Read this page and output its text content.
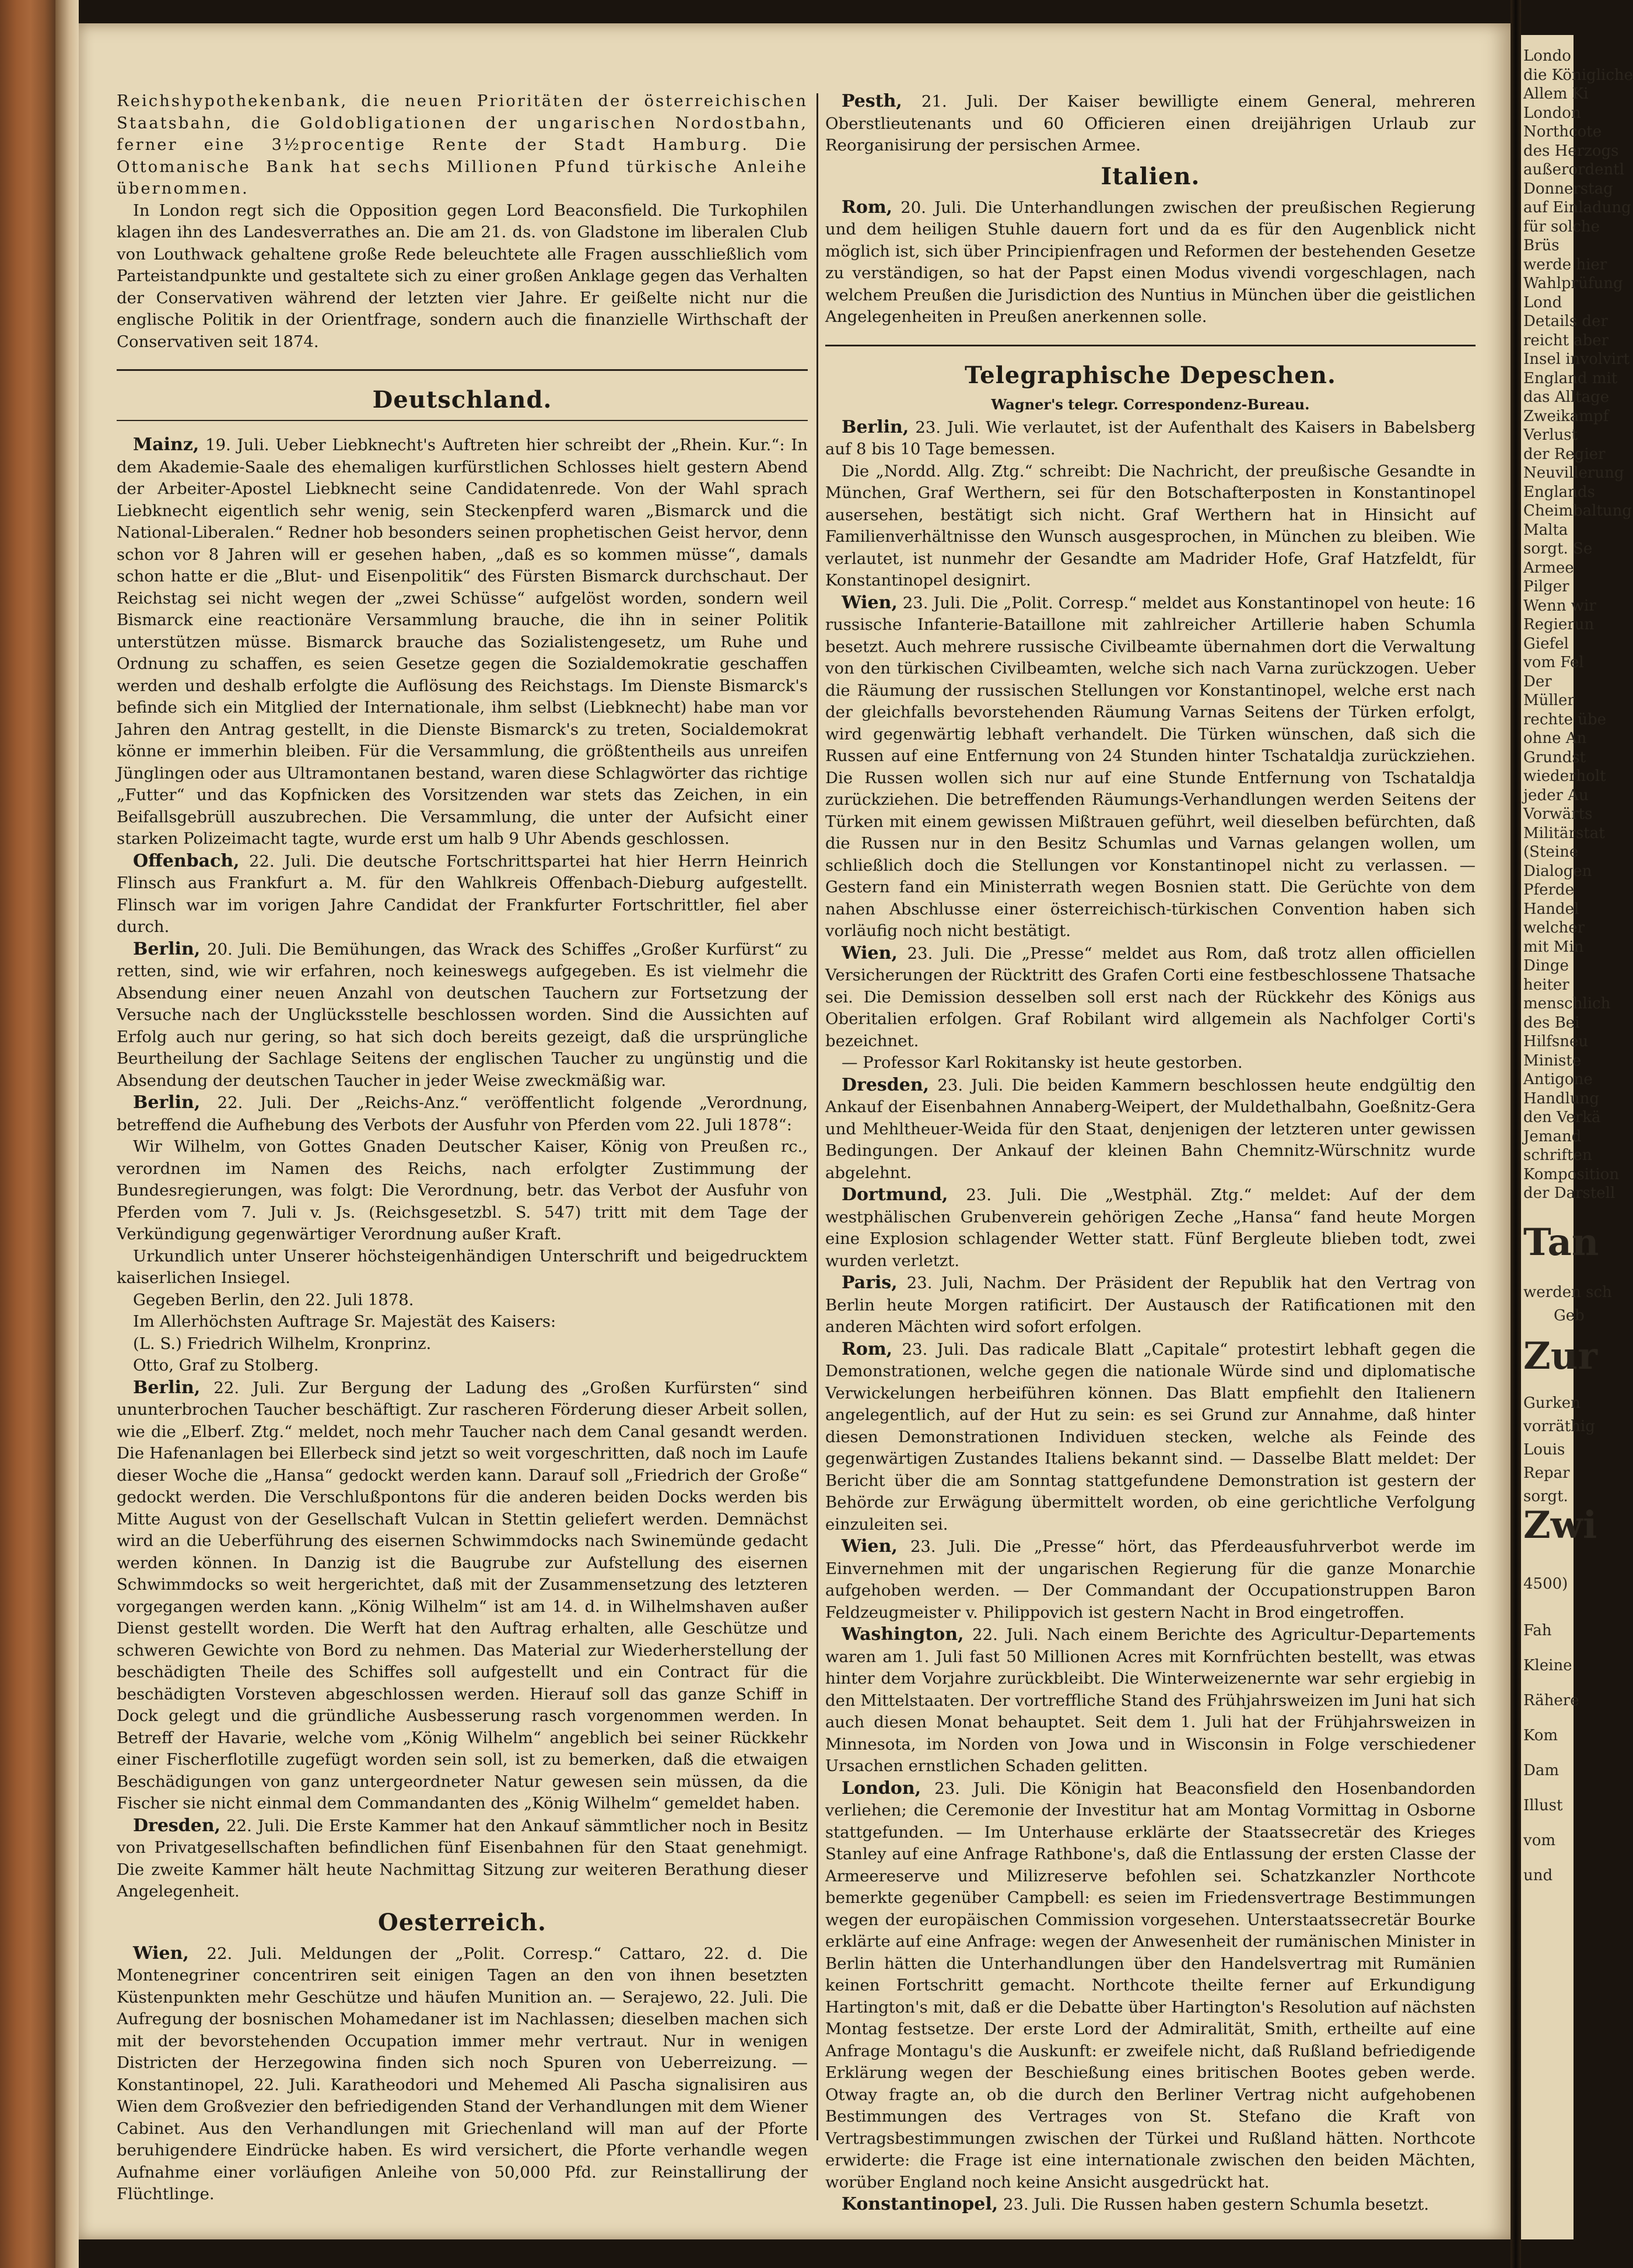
Reichshypothekenbank, die neuen Prioritäten der österreichischen Staatsbahn, die Goldobligationen der ungarischen Nordostbahn, ferner eine 3½procentige Rente der Stadt Hamburg. Die Ottomanische Bank hat sechs Millionen Pfund türkische Anleihe übernommen.

In London regt sich die Opposition gegen Lord Beaconsfield. Die Turkophilen klagen ihn des Landesverrathes an. Die am 21. ds. von Gladstone im liberalen Club von Louthwack gehaltene große Rede beleuchtete alle Fragen ausschließlich vom Parteistandpunkte und gestaltete sich zu einer großen Anklage gegen das Verhalten der Conservativen während der letzten vier Jahre. Er geißelte nicht nur die englische Politik in der Orientfrage, sondern auch die finanzielle Wirthschaft der Conservativen seit 1874.

Deutschland.

Mainz, 19. Juli. Ueber Liebknecht's Auftreten hier schreibt der „Rhein. Kur.“: In dem Akademie-Saale des ehemaligen kurfürstlichen Schlosses hielt gestern Abend der Arbeiter-Apostel Liebknecht seine Candidatenrede. Von der Wahl sprach Liebknecht eigentlich sehr wenig, sein Steckenpferd waren „Bismarck und die National-Liberalen.“ Redner hob besonders seinen prophetischen Geist hervor, denn schon vor 8 Jahren will er gesehen haben, „daß es so kommen müsse“, damals schon hatte er die „Blut- und Eisenpolitik“ des Fürsten Bismarck durchschaut. Der Reichstag sei nicht wegen der „zwei Schüsse“ aufgelöst worden, sondern weil Bismarck eine reactionäre Versammlung brauche, die ihn in seiner Politik unterstützen müsse. Bismarck brauche das Sozialistengesetz, um Ruhe und Ordnung zu schaffen, es seien Gesetze gegen die Sozialdemokratie geschaffen werden und deshalb erfolgte die Auflösung des Reichstags. Im Dienste Bismarck's befinde sich ein Mitglied der Internationale, ihm selbst (Liebknecht) habe man vor Jahren den Antrag gestellt, in die Dienste Bismarck's zu treten, Socialdemokrat könne er immerhin bleiben. Für die Versammlung, die größtentheils aus unreifen Jünglingen oder aus Ultramontanen bestand, waren diese Schlagwörter das richtige „Futter“ und das Kopfnicken des Vorsitzenden war stets das Zeichen, in ein Beifallsgebrüll auszubrechen. Die Versammlung, die unter der Aufsicht einer starken Polizeimacht tagte, wurde erst um halb 9 Uhr Abends geschlossen.

Offenbach, 22. Juli. Die deutsche Fortschrittspartei hat hier Herrn Heinrich Flinsch aus Frankfurt a. M. für den Wahlkreis Offenbach-Dieburg aufgestellt. Flinsch war im vorigen Jahre Candidat der Frankfurter Fortschrittler, fiel aber durch.

Berlin, 20. Juli. Die Bemühungen, das Wrack des Schiffes „Großer Kurfürst“ zu retten, sind, wie wir erfahren, noch keineswegs aufgegeben. Es ist vielmehr die Absendung einer neuen Anzahl von deutschen Tauchern zur Fortsetzung der Versuche nach der Unglücksstelle beschlossen worden. Sind die Aussichten auf Erfolg auch nur gering, so hat sich doch bereits gezeigt, daß die ursprüngliche Beurtheilung der Sachlage Seitens der englischen Taucher zu ungünstig und die Absendung der deutschen Taucher in jeder Weise zweckmäßig war.

Berlin, 22. Juli. Der „Reichs-Anz.“ veröffentlicht folgende „Verordnung, betreffend die Aufhebung des Verbots der Ausfuhr von Pferden vom 22. Juli 1878“:

Wir Wilhelm, von Gottes Gnaden Deutscher Kaiser, König von Preußen rc., verordnen im Namen des Reichs, nach erfolgter Zustimmung der Bundesregierungen, was folgt: Die Verordnung, betr. das Verbot der Ausfuhr von Pferden vom 7. Juli v. Js. (Reichsgesetzbl. S. 547) tritt mit dem Tage der Verkündigung gegenwärtiger Verordnung außer Kraft.

Urkundlich unter Unserer höchsteigenhändigen Unterschrift und beigedrucktem kaiserlichen Insiegel.

Gegeben Berlin, den 22. Juli 1878.

Im Allerhöchsten Auftrage Sr. Majestät des Kaisers:

(L. S.) Friedrich Wilhelm, Kronprinz.

Otto, Graf zu Stolberg.

Berlin, 22. Juli. Zur Bergung der Ladung des „Großen Kurfürsten“ sind ununterbrochen Taucher beschäftigt. Zur rascheren Förderung dieser Arbeit sollen, wie die „Elberf. Ztg.“ meldet, noch mehr Taucher nach dem Canal gesandt werden. Die Hafenanlagen bei Ellerbeck sind jetzt so weit vorgeschritten, daß noch im Laufe dieser Woche die „Hansa“ gedockt werden kann. Darauf soll „Friedrich der Große“ gedockt werden. Die Verschlußpontons für die anderen beiden Docks werden bis Mitte August von der Gesellschaft Vulcan in Stettin geliefert werden. Demnächst wird an die Ueberführung des eisernen Schwimmdocks nach Swinemünde gedacht werden können. In Danzig ist die Baugrube zur Aufstellung des eisernen Schwimmdocks so weit hergerichtet, daß mit der Zusammensetzung des letzteren vorgegangen werden kann. „König Wilhelm“ ist am 14. d. in Wilhelmshaven außer Dienst gestellt worden. Die Werft hat den Auftrag erhalten, alle Geschütze und schweren Gewichte von Bord zu nehmen. Das Material zur Wiederherstellung der beschädigten Theile des Schiffes soll aufgestellt und ein Contract für die beschädigten Vorsteven abgeschlossen werden. Hierauf soll das ganze Schiff in Dock gelegt und die gründliche Ausbesserung rasch vorgenommen werden. In Betreff der Havarie, welche vom „König Wilhelm“ angeblich bei seiner Rückkehr einer Fischerflotille zugefügt worden sein soll, ist zu bemerken, daß die etwaigen Beschädigungen von ganz untergeordneter Natur gewesen sein müssen, da die Fischer sie nicht einmal dem Commandanten des „König Wilhelm“ gemeldet haben.

Dresden, 22. Juli. Die Erste Kammer hat den Ankauf sämmtlicher noch in Besitz von Privatgesellschaften befindlichen fünf Eisenbahnen für den Staat genehmigt. Die zweite Kammer hält heute Nachmittag Sitzung zur weiteren Berathung dieser Angelegenheit.

Oesterreich.

Wien, 22. Juli. Meldungen der „Polit. Corresp.“ Cattaro, 22. d. Die Montenegriner concentriren seit einigen Tagen an den von ihnen besetzten Küstenpunkten mehr Geschütze und häufen Munition an. — Serajewo, 22. Juli. Die Aufregung der bosnischen Mohamedaner ist im Nachlassen; dieselben machen sich mit der bevorstehenden Occupation immer mehr vertraut. Nur in wenigen Districten der Herzegowina finden sich noch Spuren von Ueberreizung. — Konstantinopel, 22. Juli. Karatheodori und Mehemed Ali Pascha signalisiren aus Wien dem Großvezier den befriedigenden Stand der Verhandlungen mit dem Wiener Cabinet. Aus den Verhandlungen mit Griechenland will man auf der Pforte beruhigendere Eindrücke haben. Es wird versichert, die Pforte verhandle wegen Aufnahme einer vorläufigen Anleihe von 50,000 Pfd. zur Reinstallirung der Flüchtlinge.

Pesth, 21. Juli. Der Kaiser bewilligte einem General, mehreren Oberstlieutenants und 60 Officieren einen dreijährigen Urlaub zur Reorganisirung der persischen Armee.

Italien.

Rom, 20. Juli. Die Unterhandlungen zwischen der preußischen Regierung und dem heiligen Stuhle dauern fort und da es für den Augenblick nicht möglich ist, sich über Principienfragen und Reformen der bestehenden Gesetze zu verständigen, so hat der Papst einen Modus vivendi vorgeschlagen, nach welchem Preußen die Jurisdiction des Nuntius in München über die geistlichen Angelegenheiten in Preußen anerkennen solle.

Telegraphische Depeschen.
Wagner's telegr. Correspondenz-Bureau.

Berlin, 23. Juli. Wie verlautet, ist der Aufenthalt des Kaisers in Babelsberg auf 8 bis 10 Tage bemessen.

Die „Nordd. Allg. Ztg.“ schreibt: Die Nachricht, der preußische Gesandte in München, Graf Werthern, sei für den Botschafterposten in Konstantinopel ausersehen, bestätigt sich nicht. Graf Werthern hat in Hinsicht auf Familienverhältnisse den Wunsch ausgesprochen, in München zu bleiben. Wie verlautet, ist nunmehr der Gesandte am Madrider Hofe, Graf Hatzfeldt, für Konstantinopel designirt.

Wien, 23. Juli. Die „Polit. Corresp.“ meldet aus Konstantinopel von heute: 16 russische Infanterie-Bataillone mit zahlreicher Artillerie haben Schumla besetzt. Auch mehrere russische Civilbeamte übernahmen dort die Verwaltung von den türkischen Civilbeamten, welche sich nach Varna zurückzogen. Ueber die Räumung der russischen Stellungen vor Konstantinopel, welche erst nach der gleichfalls bevorstehenden Räumung Varnas Seitens der Türken erfolgt, wird gegenwärtig lebhaft verhandelt. Die Türken wünschen, daß sich die Russen auf eine Entfernung von 24 Stunden hinter Tschataldja zurückziehen. Die Russen wollen sich nur auf eine Stunde Entfernung von Tschataldja zurückziehen. Die betreffenden Räumungs-Verhandlungen werden Seitens der Türken mit einem gewissen Mißtrauen geführt, weil dieselben befürchten, daß die Russen nur in den Besitz Schumlas und Varnas gelangen wollen, um schließlich doch die Stellungen vor Konstantinopel nicht zu verlassen. — Gestern fand ein Ministerrath wegen Bosnien statt. Die Gerüchte von dem nahen Abschlusse einer österreichisch-türkischen Convention haben sich vorläufig noch nicht bestätigt.

Wien, 23. Juli. Die „Presse“ meldet aus Rom, daß trotz allen officiellen Versicherungen der Rücktritt des Grafen Corti eine festbeschlossene Thatsache sei. Die Demission desselben soll erst nach der Rückkehr des Königs aus Oberitalien erfolgen. Graf Robilant wird allgemein als Nachfolger Corti's bezeichnet.

— Professor Karl Rokitansky ist heute gestorben.

Dresden, 23. Juli. Die beiden Kammern beschlossen heute endgültig den Ankauf der Eisenbahnen Annaberg-Weipert, der Muldethalbahn, Goeßnitz-Gera und Mehltheuer-Weida für den Staat, denjenigen der letzteren unter gewissen Bedingungen. Der Ankauf der kleinen Bahn Chemnitz-Würschnitz wurde abgelehnt.

Dortmund, 23. Juli. Die „Westphäl. Ztg.“ meldet: Auf der dem westphälischen Grubenverein gehörigen Zeche „Hansa“ fand heute Morgen eine Explosion schlagender Wetter statt. Fünf Bergleute blieben todt, zwei wurden verletzt.

Paris, 23. Juli, Nachm. Der Präsident der Republik hat den Vertrag von Berlin heute Morgen ratificirt. Der Austausch der Ratificationen mit den anderen Mächten wird sofort erfolgen.

Rom, 23. Juli. Das radicale Blatt „Capitale“ protestirt lebhaft gegen die Demonstrationen, welche gegen die nationale Würde sind und diplomatische Verwickelungen herbeiführen können. Das Blatt empfiehlt den Italienern angelegentlich, auf der Hut zu sein: es sei Grund zur Annahme, daß hinter diesen Demonstrationen Individuen stecken, welche als Feinde des gegenwärtigen Zustandes Italiens bekannt sind. — Dasselbe Blatt meldet: Der Bericht über die am Sonntag stattgefundene Demonstration ist gestern der Behörde zur Erwägung übermittelt worden, ob eine gerichtliche Verfolgung einzuleiten sei.

Wien, 23. Juli. Die „Presse“ hört, das Pferdeausfuhrverbot werde im Einvernehmen mit der ungarischen Regierung für die ganze Monarchie aufgehoben werden. — Der Commandant der Occupationstruppen Baron Feldzeugmeister v. Philippovich ist gestern Nacht in Brod eingetroffen.

Washington, 22. Juli. Nach einem Berichte des Agricultur-Departements waren am 1. Juli fast 50 Millionen Acres mit Kornfrüchten bestellt, was etwas hinter dem Vorjahre zurückbleibt. Die Winterweizenernte war sehr ergiebig in den Mittelstaaten. Der vortreffliche Stand des Frühjahrsweizen im Juni hat sich auch diesen Monat behauptet. Seit dem 1. Juli hat der Frühjahrsweizen in Minnesota, im Norden von Jowa und in Wisconsin in Folge verschiedener Ursachen ernstlichen Schaden gelitten.

London, 23. Juli. Die Königin hat Beaconsfield den Hosenbandorden verliehen; die Ceremonie der Investitur hat am Montag Vormittag in Osborne stattgefunden. — Im Unterhause erklärte der Staatssecretär des Krieges Stanley auf eine Anfrage Rathbone's, daß die Entlassung der ersten Classe der Armeereserve und Milizreserve befohlen sei. Schatzkanzler Northcote bemerkte gegenüber Campbell: es seien im Friedensvertrage Bestimmungen wegen der europäischen Commission vorgesehen. Unterstaatssecretär Bourke erklärte auf eine Anfrage: wegen der Anwesenheit der rumänischen Minister in Berlin hätten die Unterhandlungen über den Handelsvertrag mit Rumänien keinen Fortschritt gemacht. Northcote theilte ferner auf Erkundigung Hartington's mit, daß er die Debatte über Hartington's Resolution auf nächsten Montag festsetze. Der erste Lord der Admiralität, Smith, ertheilte auf eine Anfrage Montagu's die Auskunft: er zweifele nicht, daß Rußland befriedigende Erklärung wegen der Beschießung eines britischen Bootes geben werde. Otway fragte an, ob die durch den Berliner Vertrag nicht aufgehobenen Bestimmungen des Vertrages von St. Stefano die Kraft von Vertragsbestimmungen zwischen der Türkei und Rußland hätten. Northcote erwiderte: die Frage ist eine internationale zwischen den beiden Mächten, worüber England noch keine Ansicht ausgedrückt hat.

Konstantinopel, 23. Juli. Die Russen haben gestern Schumla besetzt.

Londo
die Königliche
Allem Ki
London
Northcote
des Herzogs
außerordentl
Donnerstag
auf Einladung
für solche
Brüs
werde hier
Wahlprüfung
Lond
Details der
reicht aber
Insel involvirt
England mit
das Alltage
Zweikampf
Verlust
der Regier
Neuvillerung
Englands
Cheimbaltung
Malta
sorgt. Se
Armee
Pilger
Wenn wir
Regierun
Giefel
vom Fel
Der
Müller
rechte übe
ohne An
Grundst
wiederholt
jeder Au
Vorwärts
Militärstat
(Steine
Dialogen
Pferde
Handel
welcher
mit Min
Dinge
heiter
menschlich
des Bei
Hilfsneu
Ministe
Antigone
Handlung
den Verkä
Jemand
schriften
Komposition
der Darstell
Tan
werden sch
Geb
Zur
Gurken
vorräthig
Louis
Repar
sorgt.
Zwi
4500)
Fah
Kleine
Rähere
Kom
Dam
Illust
vom
und
